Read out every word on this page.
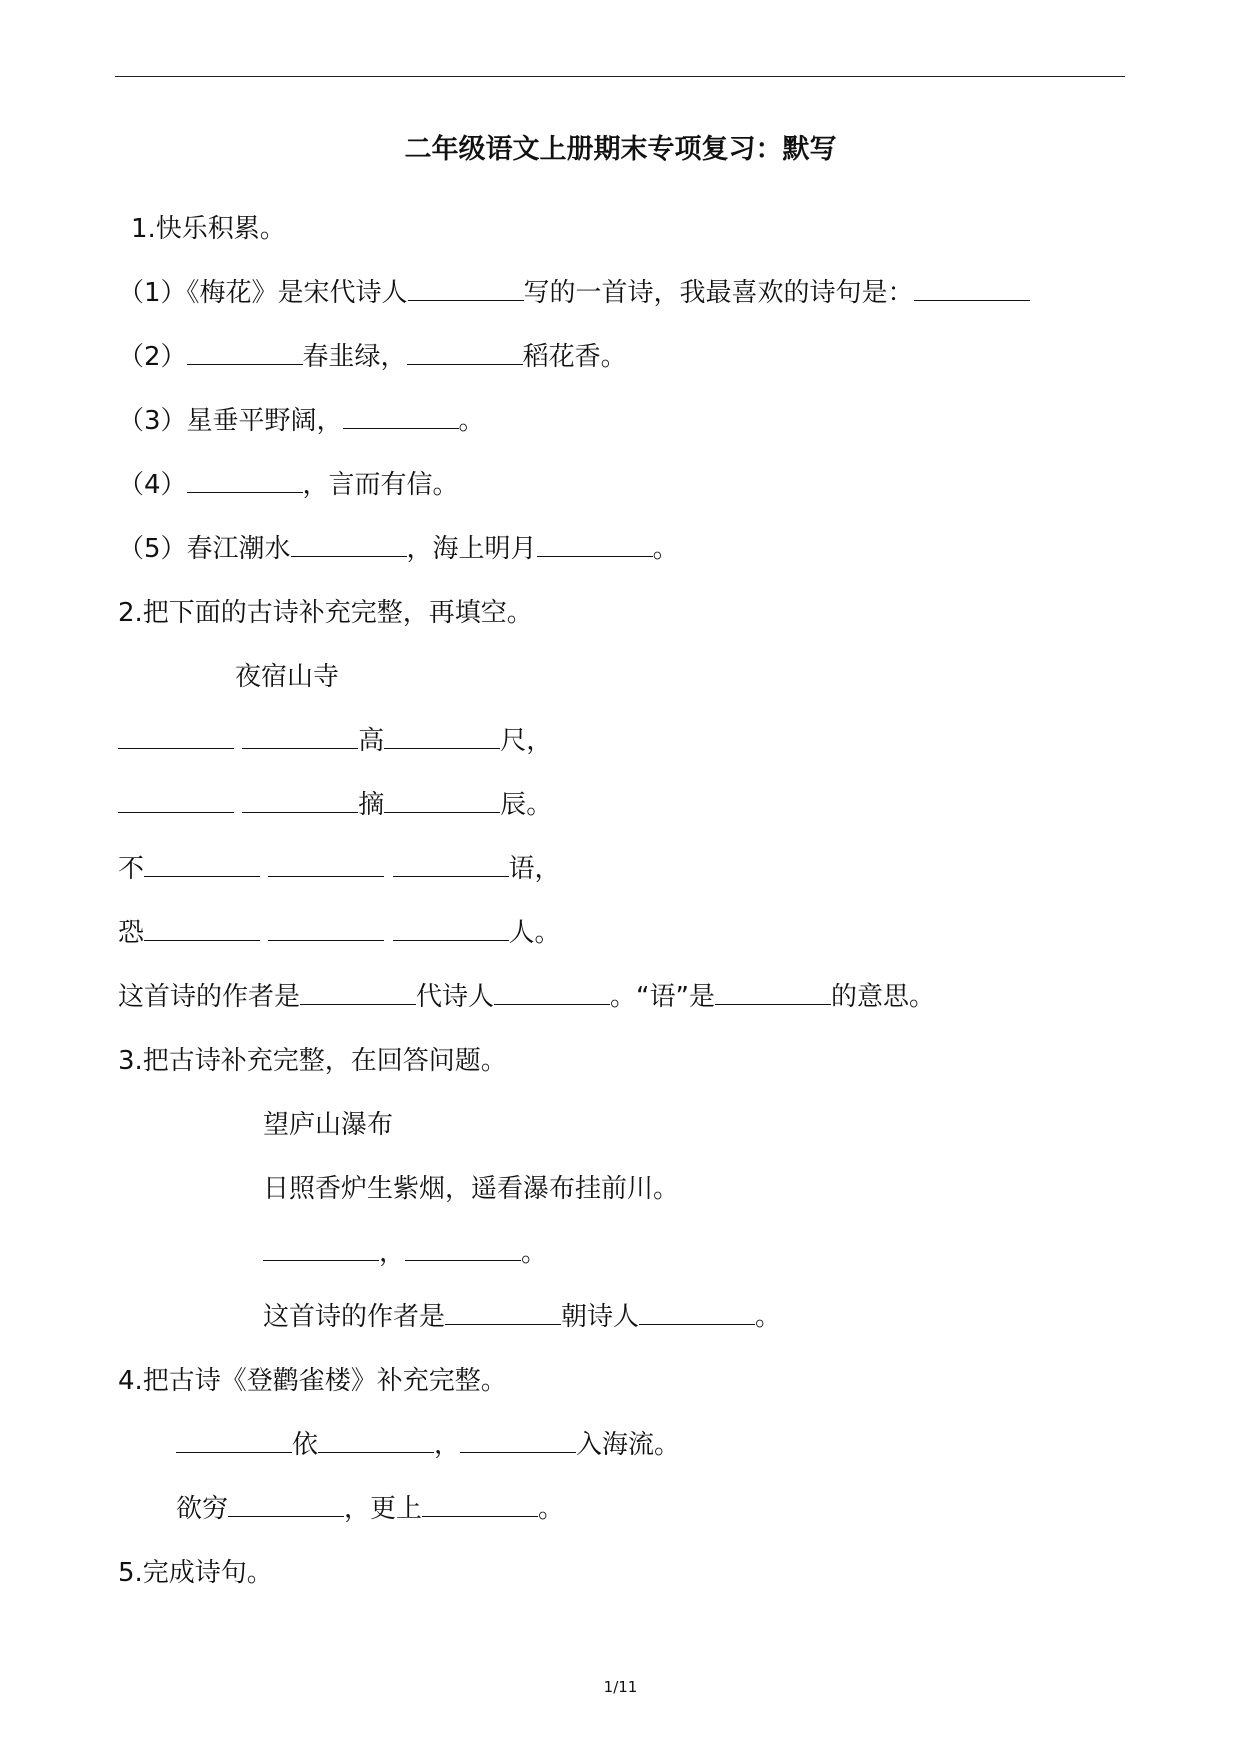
二年级语文上册期末专项复习：默写
1.快乐积累。
（1）《梅花》是宋代诗人	写的一首诗，我最喜欢的诗句是：
（2）	春韭绿，	稻花香。
（3）星垂平野阔，	。
（4）	，言而有信。
（5）春江潮水	，海上明月	。
2.把下面的古诗补充完整，再填空。
夜宿山寺
高	尺，
摘	辰。
不	语，
恐	人。
这首诗的作者是	代诗人	。“语”是	的意思。
3.把古诗补充完整，在回答问题。
望庐山瀑布
日照香炉生紫烟，遥看瀑布挂前川。
，	。
这首诗的作者是	朝诗人	。
4.把古诗《登鹳雀楼》补充完整。
依	，	入海流。
欲穷	，更上	。
5.完成诗句。
1/11
